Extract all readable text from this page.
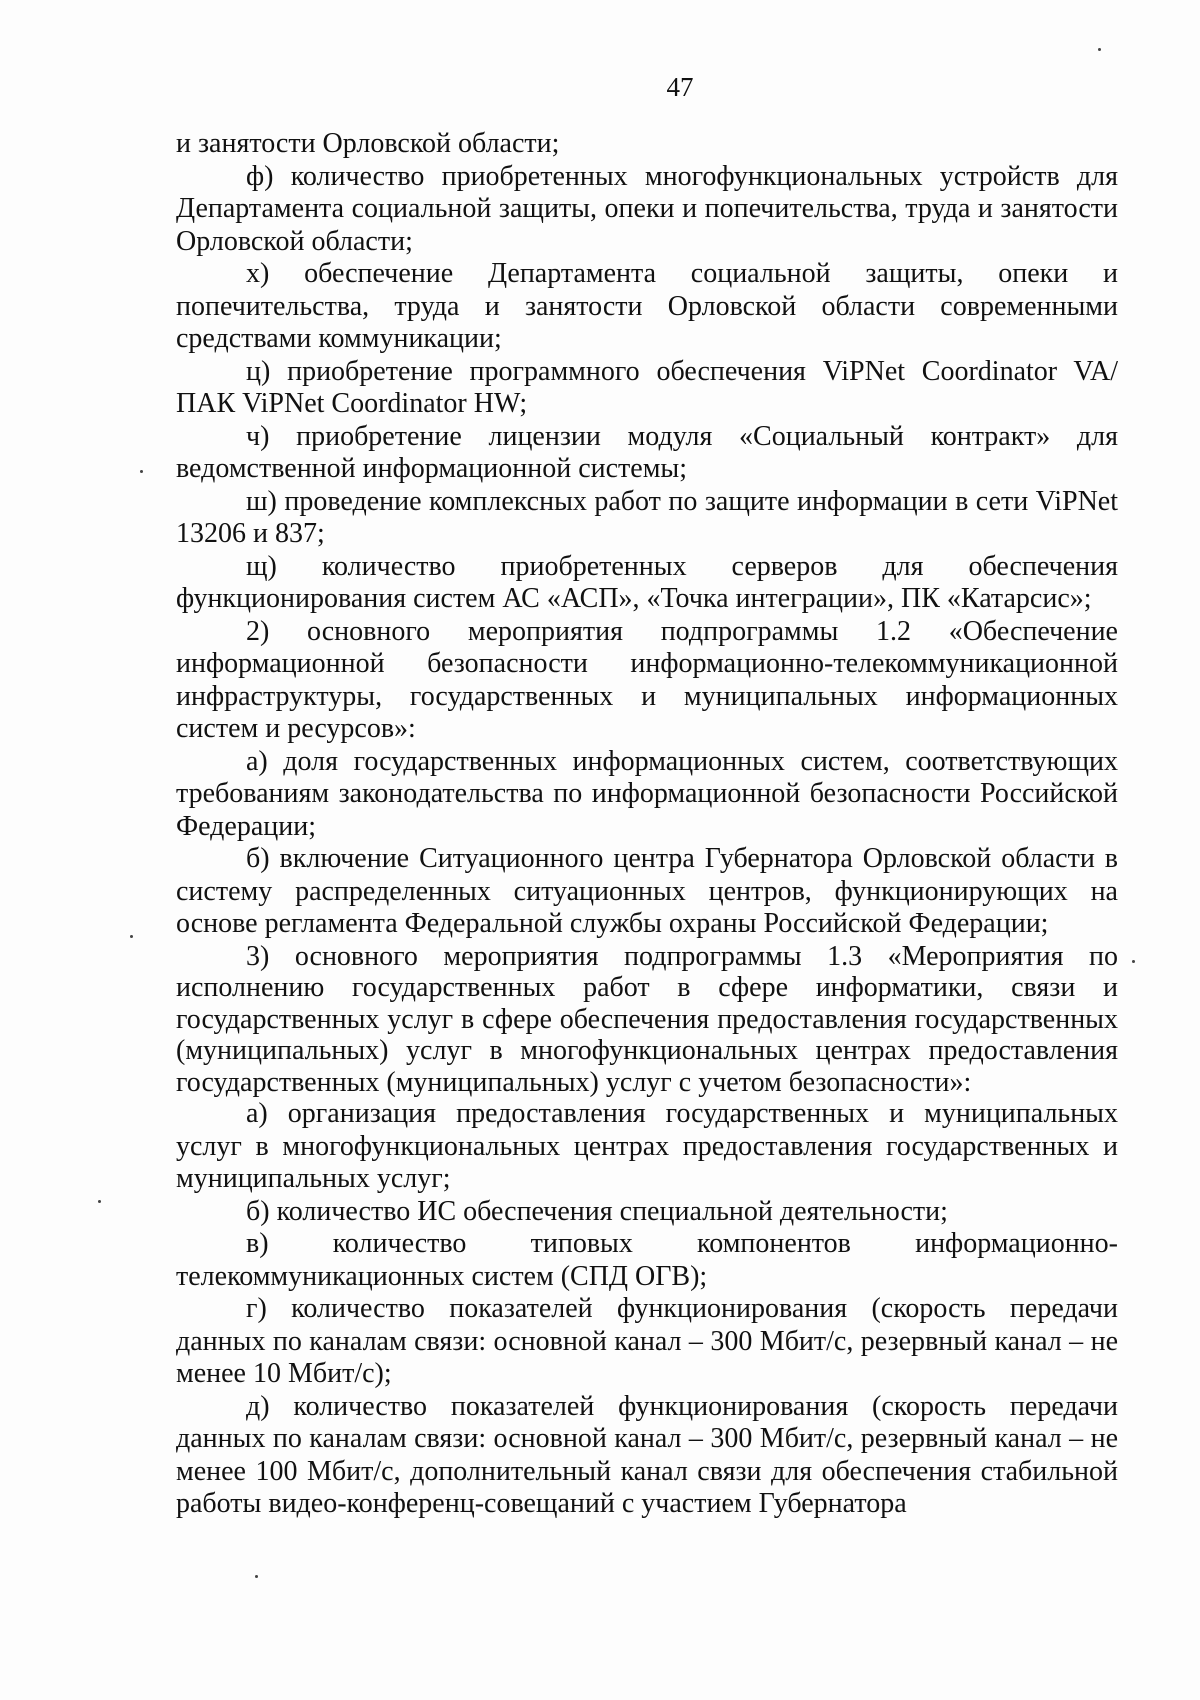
47

и занятости Орловской области;

ф) количество приобретенных многофункциональных устройств для Департамента социальной защиты, опеки и попечительства, труда и занятости Орловской области;

х) обеспечение Департамента социальной защиты, опеки и попечительства, труда и занятости Орловской области современными средствами коммуникации;

ц) приобретение программного обеспечения ViPNet Coordinator VA/ПАК ViPNet Coordinator HW;

ч) приобретение лицензии модуля «Социальный контракт» для ведомственной информационной системы;

ш) проведение комплексных работ по защите информации в сети ViPNet 13206 и 837;

щ) количество приобретенных серверов для обеспечения функционирования систем АС «АСП», «Точка интеграции», ПК «Катарсис»;

2) основного мероприятия подпрограммы 1.2 «Обеспечение информационной безопасности информационно-телекоммуникационной инфраструктуры, государственных и муниципальных информационных систем и ресурсов»:

а) доля государственных информационных систем, соответствующих требованиям законодательства по информационной безопасности Российской Федерации;

б) включение Ситуационного центра Губернатора Орловской области в систему распределенных ситуационных центров, функционирующих на основе регламента Федеральной службы охраны Российской Федерации;

3) основного мероприятия подпрограммы 1.3 «Мероприятия по исполнению государственных работ в сфере информатики, связи и государственных услуг в сфере обеспечения предоставления государственных (муниципальных) услуг в многофункциональных центрах предоставления государственных (муниципальных) услуг с учетом безопасности»:

а) организация предоставления государственных и муниципальных услуг в многофункциональных центрах предоставления государственных и муниципальных услуг;

б) количество ИС обеспечения специальной деятельности;

в) количество типовых компонентов информационно-телекоммуникационных систем (СПД ОГВ);

г) количество показателей функционирования (скорость передачи данных по каналам связи: основной канал – 300 Мбит/с, резервный канал – не менее 10 Мбит/с);

д) количество показателей функционирования (скорость передачи данных по каналам связи: основной канал – 300 Мбит/с, резервный канал – не менее 100 Мбит/с, дополнительный канал связи для обеспечения стабильной работы видео-конференц-совещаний с участием Губернатора
